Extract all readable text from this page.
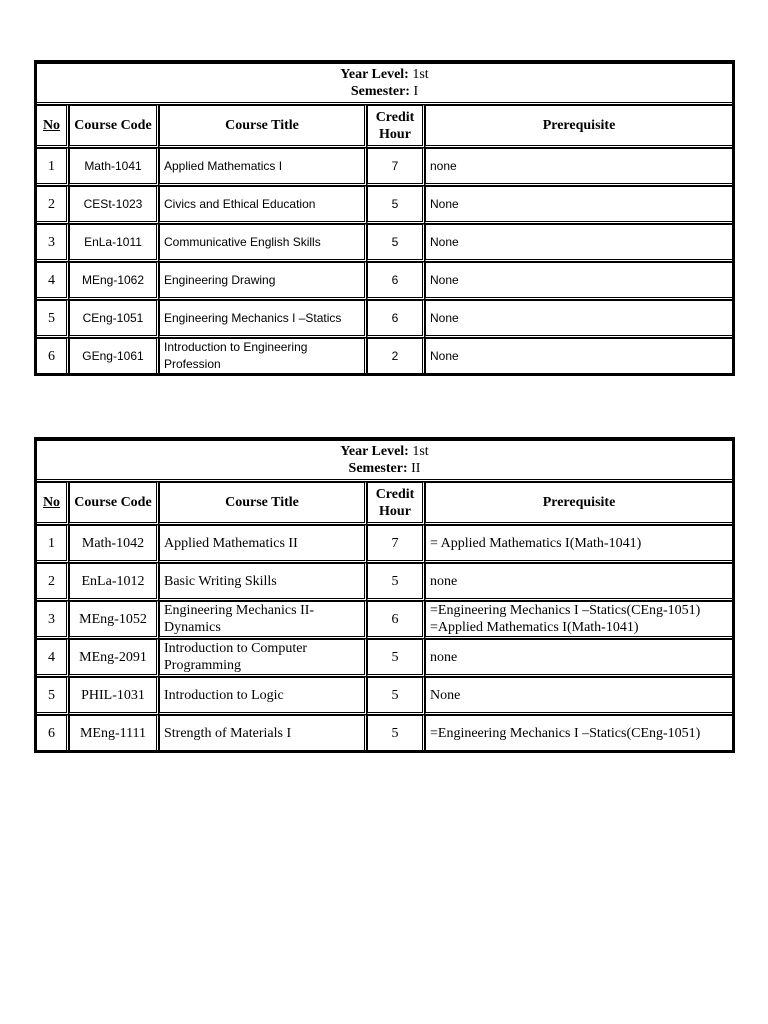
Year Level: 1st
Semester: I				

No	Course Code	Course Title	Credit Hour	Prerequisite
1	Math-1041	Applied Mathematics I	7	none
2	CESt-1023	Civics and Ethical Education	5	None
3	EnLa-1011	Communicative English Skills	5	None
4	MEng-1062	Engineering Drawing	6	None
5	CEng-1051	Engineering Mechanics I –Statics	6	None
6	GEng-1061	Introduction to Engineering Profession	2	None
Year Level: 1st
Semester: II				

No	Course Code	Course Title	Credit Hour	Prerequisite
1	Math-1042	Applied Mathematics II	7	= Applied Mathematics I(Math-1041)
2	EnLa-1012	Basic Writing Skills	5	none
3	MEng-1052	Engineering Mechanics II-Dynamics	6	=Engineering Mechanics I –Statics(CEng-1051)
=Applied Mathematics I(Math-1041)

4	MEng-2091	Introduction to Computer Programming	5	none
5	PHIL-1031	Introduction to Logic	5	None
6	MEng-1111	Strength of Materials I	5	=Engineering Mechanics I –Statics(CEng-1051)
